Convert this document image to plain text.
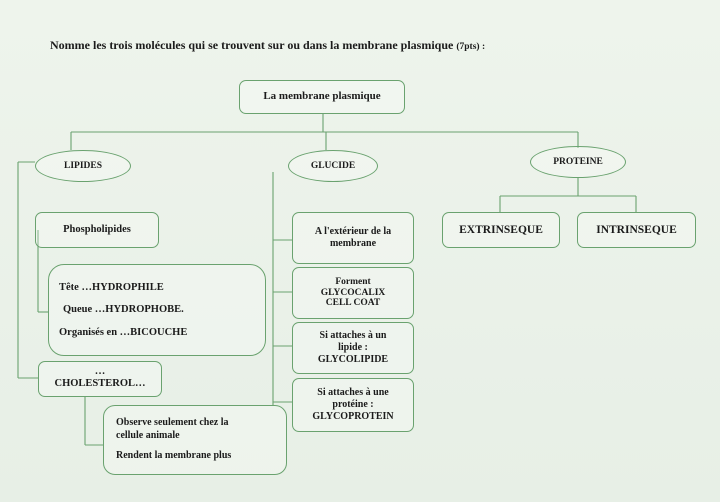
Nomme les trois molécules qui se trouvent sur ou dans la membrane plasmique (7pts) :
La membrane plasmique
LIPIDES	GLUCIDE	PROTEINE
Phospholipides
Tête …HYDROPHILE
Queue …HYDROPHOBE.
Organisés en …BICOUCHE
…
CHOLESTEROL…
Observe seulement chez la
cellule animale
Rendent la membrane plus
A l'extérieur de la
membrane
Forment
GLYCOCALIX
CELL COAT
Si attaches à un
lipide :
GLYCOLIPIDE
Si attaches à une
protéine :
GLYCOPROTEIN
EXTRINSEQUE	INTRINSEQUE
